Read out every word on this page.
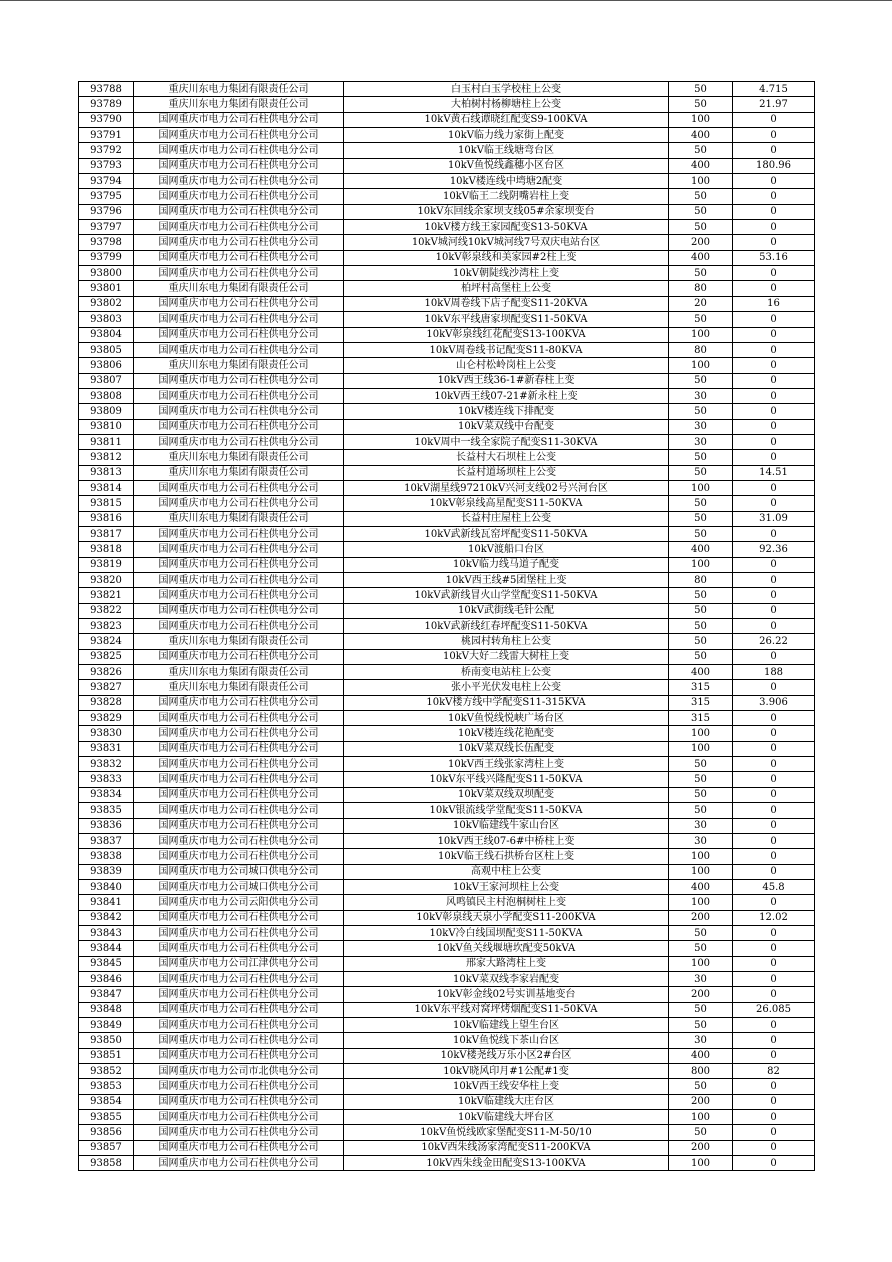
93788	重庆川东电力集团有限责任公司	白玉村白玉学校柱上公变	50	4.715
93789	重庆川东电力集团有限责任公司	大柏树村杨柳塘柱上公变	50	21.97
93790	国网重庆市电力公司石柱供电分公司	10kV黄石线谭晓红配变S9-100KVA	100	0
93791	国网重庆市电力公司石柱供电分公司	10kV临力线力家街上配变	400	0
93792	国网重庆市电力公司石柱供电分公司	10kV临王线塘弯台区	50	0
93793	国网重庆市电力公司石柱供电分公司	10kV鱼悦线鑫穗小区台区	400	180.96
93794	国网重庆市电力公司石柱供电分公司	10kV楼连线中塆塘2配变	100	0
93795	国网重庆市电力公司石柱供电分公司	10kV临王二线阴嘴岩柱上变	50	0
93796	国网重庆市电力公司石柱供电分公司	10kV东回线余家坝支线05#余家坝变台	50	0
93797	国网重庆市电力公司石柱供电分公司	10kV楼方线王家园配变S13-50KVA	50	0
93798	国网重庆市电力公司石柱供电分公司	10kV城河线10kV城河线7号双庆电站台区	200	0
93799	国网重庆市电力公司石柱供电分公司	10kV彰泉线和美家园#2柱上变	400	53.16
93800	国网重庆市电力公司石柱供电分公司	10kV朝陡线沙湾柱上变	50	0
93801	重庆川东电力集团有限责任公司	柏坪村高堡柱上公变	80	0
93802	国网重庆市电力公司石柱供电分公司	10kV周卷线下店子配变S11-20KVA	20	16
93803	国网重庆市电力公司石柱供电分公司	10kV东平线唐家坝配变S11-50KVA	50	0
93804	国网重庆市电力公司石柱供电分公司	10kV彰泉线红花配变S13-100KVA	100	0
93805	国网重庆市电力公司石柱供电分公司	10kV周卷线书记配变S11-80KVA	80	0
93806	重庆川东电力集团有限责任公司	山仑村松岭岗柱上公变	100	0
93807	国网重庆市电力公司石柱供电分公司	10kV西王线36-1#新春柱上变	50	0
93808	国网重庆市电力公司石柱供电分公司	10kV西王线07-21#新永柱上变	30	0
93809	国网重庆市电力公司石柱供电分公司	10kV楼连线下排配变	50	0
93810	国网重庆市电力公司石柱供电分公司	10kV菜双线中台配变	30	0
93811	国网重庆市电力公司石柱供电分公司	10kV周中一线全家院子配变S11-30KVA	30	0
93812	重庆川东电力集团有限责任公司	长益村大石坝柱上公变	50	0
93813	重庆川东电力集团有限责任公司	长益村道场坝柱上公变	50	14.51
93814	国网重庆市电力公司石柱供电分公司	10kV湖星线97210kV兴河支线02号兴河台区	100	0
93815	国网重庆市电力公司石柱供电分公司	10kV彰泉线高星配变S11-50KVA	50	0
93816	重庆川东电力集团有限责任公司	长益村庄屋柱上公变	50	31.09
93817	国网重庆市电力公司石柱供电分公司	10kV武新线瓦窑坪配变S11-50KVA	50	0
93818	国网重庆市电力公司石柱供电分公司	10kV渡船口台区	400	92.36
93819	国网重庆市电力公司石柱供电分公司	10kV临力线马道子配变	100	0
93820	国网重庆市电力公司石柱供电分公司	10kV西王线#5团堡柱上变	80	0
93821	国网重庆市电力公司石柱供电分公司	10kV武新线冒火山学堂配变S11-50KVA	50	0
93822	国网重庆市电力公司石柱供电分公司	10kV武街线毛针公配	50	0
93823	国网重庆市电力公司石柱供电分公司	10kV武新线红春坪配变S11-50KVA	50	0
93824	重庆川东电力集团有限责任公司	桃园村转角柱上公变	50	26.22
93825	国网重庆市电力公司石柱供电分公司	10kV大好二线雷大树柱上变	50	0
93826	重庆川东电力集团有限责任公司	桥南变电站柱上公变	400	188
93827	重庆川东电力集团有限责任公司	张小平光伏发电柱上公变	315	0
93828	国网重庆市电力公司石柱供电分公司	10kV楼方线中学配变S11-315KVA	315	3.906
93829	国网重庆市电力公司石柱供电分公司	10kV鱼悦线悦峡广场台区	315	0
93830	国网重庆市电力公司石柱供电分公司	10kV楼连线花艳配变	100	0
93831	国网重庆市电力公司石柱供电分公司	10kV菜双线长伍配变	100	0
93832	国网重庆市电力公司石柱供电分公司	10kV西王线张家湾柱上变	50	0
93833	国网重庆市电力公司石柱供电分公司	10kV东平线兴隆配变S11-50KVA	50	0
93834	国网重庆市电力公司石柱供电分公司	10kV菜双线双坝配变	50	0
93835	国网重庆市电力公司石柱供电分公司	10kV银流线学堂配变S11-50KVA	50	0
93836	国网重庆市电力公司石柱供电分公司	10kV临建线牛家山台区	30	0
93837	国网重庆市电力公司石柱供电分公司	10kV西王线07-6#中桥柱上变	30	0
93838	国网重庆市电力公司石柱供电分公司	10kV临王线石拱桥台区柱上变	100	0
93839	国网重庆市电力公司城口供电分公司	高观中柱上公变	100	0
93840	国网重庆市电力公司城口供电分公司	10kV王家河坝柱上公变	400	45.8
93841	国网重庆市电力公司云阳供电分公司	风鸣镇民主村泡桐树柱上变	100	0
93842	国网重庆市电力公司石柱供电分公司	10kV彰泉线天泉小学配变S11-200KVA	200	12.02
93843	国网重庆市电力公司石柱供电分公司	10kV冷白线国坝配变S11-50KVA	50	0
93844	国网重庆市电力公司石柱供电分公司	10kV鱼关线堰塘坎配变50kVA	50	0
93845	国网重庆市电力公司江津供电分公司	邢家大路湾柱上变	100	0
93846	国网重庆市电力公司石柱供电分公司	10kV菜双线李家岩配变	30	0
93847	国网重庆市电力公司石柱供电分公司	10kV彰金线02号实训基地变台	200	0
93848	国网重庆市电力公司石柱供电分公司	10kV东平线对窝坪烤烟配变S11-50KVA	50	26.085
93849	国网重庆市电力公司石柱供电分公司	10kV临建线上望生台区	50	0
93850	国网重庆市电力公司石柱供电分公司	10kV鱼悦线下茶山台区	30	0
93851	国网重庆市电力公司石柱供电分公司	10kV楼尧线万乐小区2#台区	400	0
93852	国网重庆市电力公司市北供电分公司	10kV晓风印月#1公配#1变	800	82
93853	国网重庆市电力公司石柱供电分公司	10kV西王线安华柱上变	50	0
93854	国网重庆市电力公司石柱供电分公司	10kV临建线大庄台区	200	0
93855	国网重庆市电力公司石柱供电分公司	10kV临建线大坪台区	100	0
93856	国网重庆市电力公司石柱供电分公司	10kV鱼悦线欧家堡配变S11-M-50/10	50	0
93857	国网重庆市电力公司石柱供电分公司	10kV西朱线汤家湾配变S11-200KVA	200	0
93858	国网重庆市电力公司石柱供电分公司	10kV西朱线金田配变S13-100KVA	100	0
